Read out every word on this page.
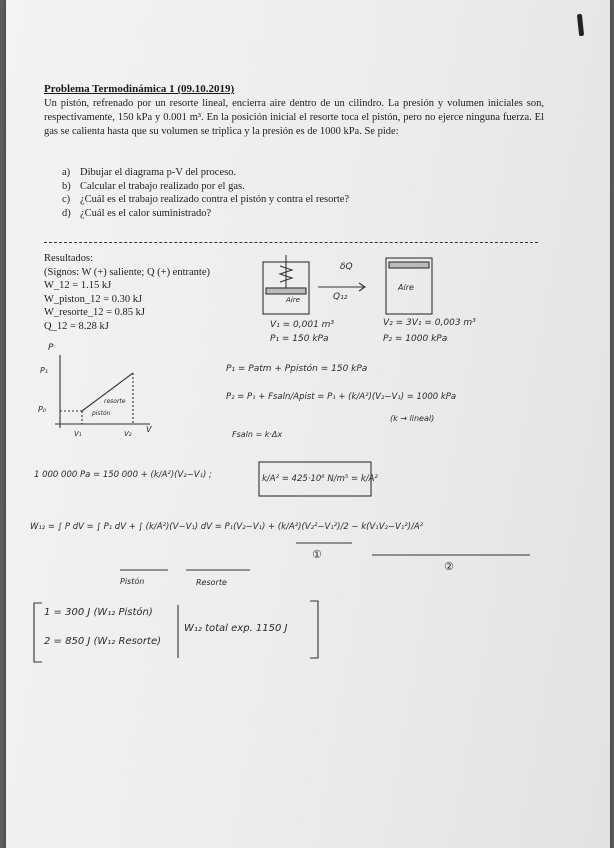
Problema Termodinámica 1 (09.10.2019)

Un pistón, refrenado por un resorte lineal, encierra aire dentro de un cilindro. La presión y volumen iniciales son, respectivamente, 150 kPa y 0.001 m³. En la posición inicial el resorte toca el pistón, pero no ejerce ninguna fuerza. El gas se calienta hasta que su volumen se triplica y la presión es de 1000 kPa. Se pide:

a) Dibujar el diagrama p-V del proceso.
b) Calcular el trabajo realizado por el gas.
c) ¿Cuál es el trabajo realizado contra el pistón y contra el resorte?
d) ¿Cuál es el calor suministrado?
Resultados:
(Signos: W (+) saliente; Q (+) entrante)
W_12 = 1.15 kJ
W_piston_12 = 0.30 kJ
W_resorte_12 = 0.85 kJ
Q_12 = 8.28 kJ
Aire
Aire
δQ
Q₁₂
V₁ = 0,001 m³
P₁ = 150 kPa
V₂ = 3V₁ = 0,003 m³
P₂ = 1000 kPa
P
P₁
P₀
V₁	V₂ V
resorte
pistón
P₁ = Patm + Ppistón = 150 kPa
P₂ = P₁ + Fsaln/Apist = P₁ + (k/A²)(V₂−V₁) = 1000 kPa
(k → lineal)
Fsaln = k·Δx
1 000 000 Pa = 150 000 + (k/A²)(V₂−V₁) ;	k/A² = 425·10⁶ N/m⁵ = k/A²
W₁₂ = ∫ P dV = ∫ P₁ dV + ∫ (k/A²)(V−V₁) dV = P₁(V₂−V₁) + (k/A²)(V₂²−V₁²)/2 − k(V₁V₂−V₁²)/A²
Pistón	Resorte
①
②
1 = 300 J (W₁₂ Pistón)
2 = 850 J (W₁₂ Resorte)
W₁₂ total exp. 1150 J
